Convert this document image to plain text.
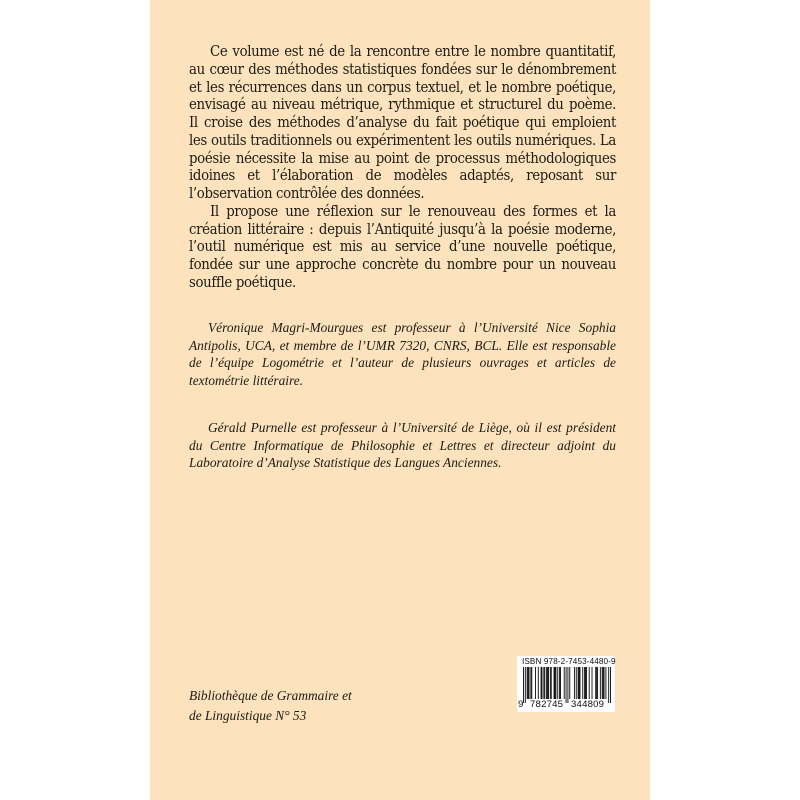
Ce volume est né de la rencontre entre le nombre quantitatif, au cœur des méthodes statistiques fondées sur le dénombrement et les récurrences dans un corpus textuel, et le nombre poétique, envisagé au niveau métrique, rythmique et structurel du poème. Il croise des méthodes d’analyse du fait poétique qui emploient les outils traditionnels ou expérimentent les outils numériques. La poésie nécessite la mise au point de processus méthodologiques idoines et l’élaboration de modèles adaptés, reposant sur l’observation contrôlée des données.

Il propose une réflexion sur le renouveau des formes et la création littéraire : depuis l’Antiquité jusqu’à la poésie moderne, l’outil numérique est mis au service d’une nouvelle poétique, fondée sur une approche concrète du nombre pour un nouveau souffle poétique.

Véronique Magri-Mourgues est professeur à l’Université Nice Sophia Antipolis, UCA, et membre de l’UMR 7320, CNRS, BCL. Elle est responsable de l’équipe Logométrie et l’auteur de plusieurs ouvrages et articles de textométrie littéraire.

Gérald Purnelle est professeur à l’Université de Liège, où il est président du Centre Informatique de Philosophie et Lettres et directeur adjoint du Laboratoire d’Analyse Statistique des Langues Anciennes.

Bibliothèque de Grammaire et
de Linguistique N° 53
ISBN 978-2-7453-4480-9
9 782745 344809
